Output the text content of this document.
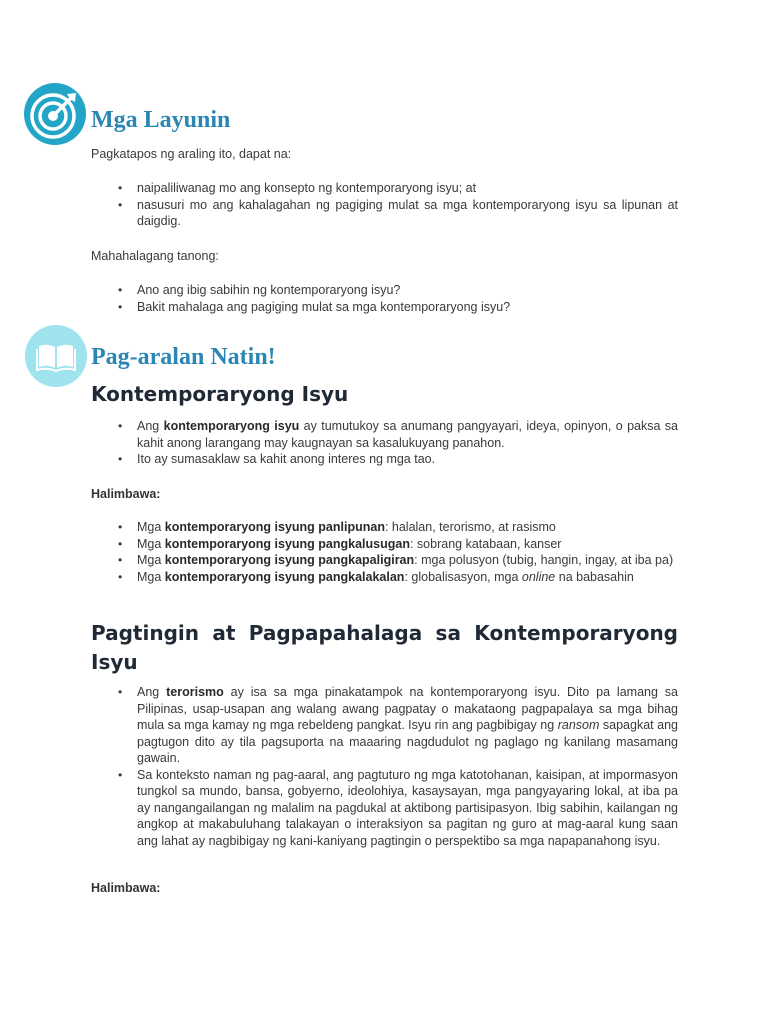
Mga Layunin

Pagkatapos ng araling ito, dapat na:

• naipaliliwanag mo ang konsepto ng kontemporaryong isyu; at
• nasusuri mo ang kahalagahan ng pagiging mulat sa mga kontemporaryong isyu sa lipunan at daigdig.

Mahahalagang tanong:

• Ano ang ibig sabihin ng kontemporaryong isyu?
• Bakit mahalaga ang pagiging mulat sa mga kontemporaryong isyu?
Pag-aralan Natin!
Kontemporaryong Isyu
• Ang kontemporaryong isyu ay tumutukoy sa anumang pangyayari, ideya, opinyon, o paksa sa kahit anong larangang may kaugnayan sa kasalukuyang panahon.
• Ito ay sumasaklaw sa kahit anong interes ng mga tao.

Halimbawa:

• Mga kontemporaryong isyung panlipunan: halalan, terorismo, at rasismo
• Mga kontemporaryong isyung pangkalusugan: sobrang katabaan, kanser
• Mga kontemporaryong isyung pangkapaligiran: mga polusyon (tubig, hangin, ingay, at iba pa)
• Mga kontemporaryong isyung pangkalakalan: globalisasyon, mga online na babasahin
Pagtingin at Pagpapahalaga sa Kontemporaryong Isyu
• Ang terorismo ay isa sa mga pinakatampok na kontemporaryong isyu. Dito pa lamang sa Pilipinas, usap-usapan ang walang awang pagpatay o makataong pagpapalaya sa mga bihag mula sa mga kamay ng mga rebeldeng pangkat. Isyu rin ang pagbibigay ng ransom sapagkat ang pagtugon dito ay tila pagsuporta na maaaring nagdudulot ng paglago ng kanilang masamang gawain.
• Sa konteksto naman ng pag-aaral, ang pagtuturo ng mga katotohanan, kaisipan, at impormasyon tungkol sa mundo, bansa, gobyerno, ideolohiya, kasaysayan, mga pangyayaring lokal, at iba pa ay nangangailangan ng malalim na pagdukal at aktibong partisipasyon. Ibig sabihin, kailangan ng angkop at makabuluhang talakayan o interaksiyon sa pagitan ng guro at mag-aaral kung saan ang lahat ay nagbibigay ng kani-kaniyang pagtingin o perspektibo sa mga napapanahong isyu.

Halimbawa:
